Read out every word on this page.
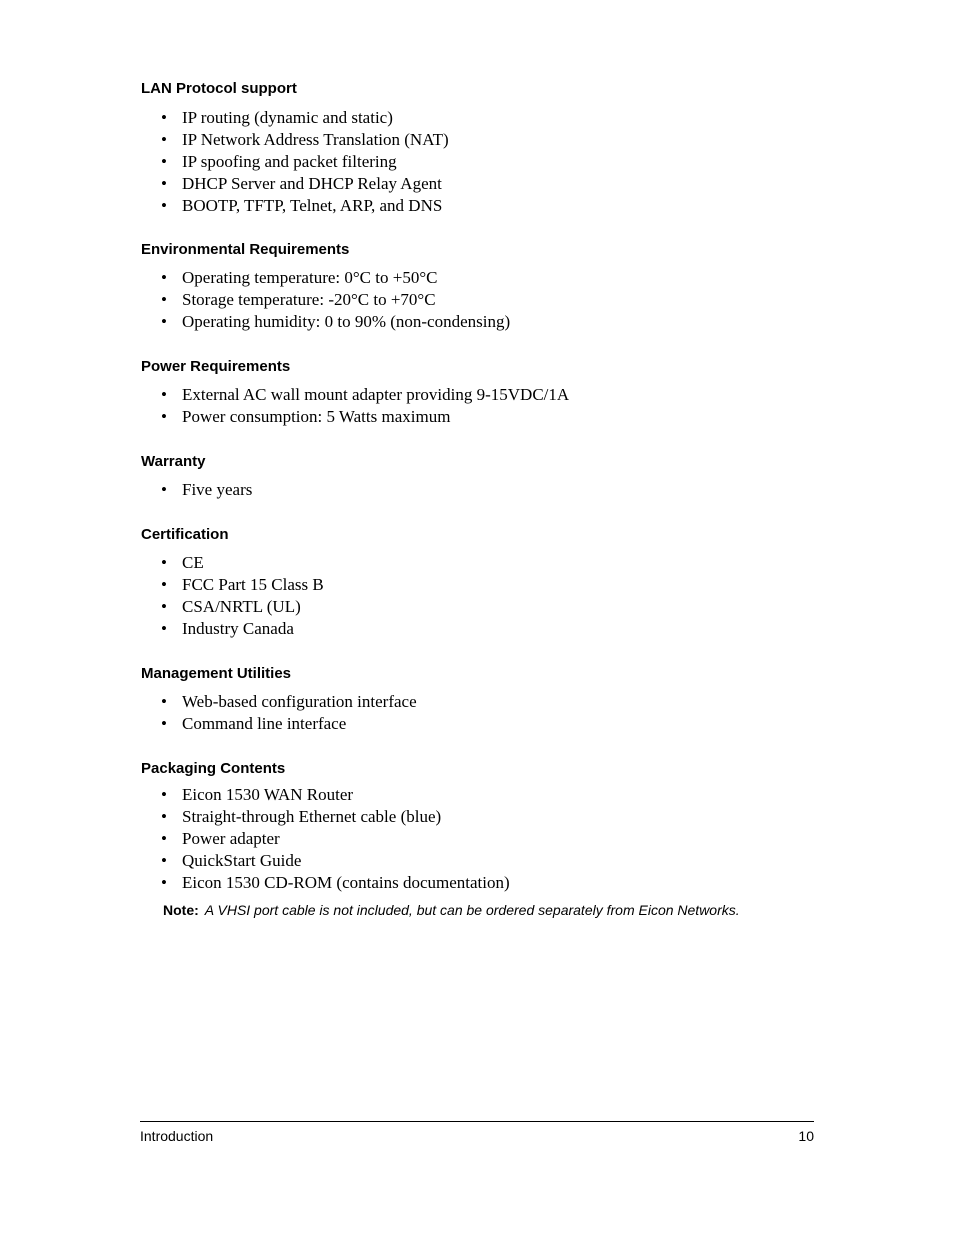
LAN Protocol support
• IP routing (dynamic and static)
• IP Network Address Translation (NAT)
• IP spoofing and packet filtering
• DHCP Server and DHCP Relay Agent
• BOOTP, TFTP, Telnet, ARP, and DNS
Environmental Requirements
• Operating temperature: 0°C to +50°C
• Storage temperature: -20°C to +70°C
• Operating humidity: 0 to 90% (non-condensing)
Power Requirements
• External AC wall mount adapter providing 9-15VDC/1A
• Power consumption: 5 Watts maximum
Warranty
• Five years
Certification
• CE
• FCC Part 15 Class B
• CSA/NRTL (UL)
• Industry Canada
Management Utilities
• Web-based configuration interface
• Command line interface
Packaging Contents
• Eicon 1530 WAN Router
• Straight-through Ethernet cable (blue)
• Power adapter
• QuickStart Guide
• Eicon 1530 CD-ROM (contains documentation)
Note: A VHSI port cable is not included, but can be ordered separately from Eicon Networks.
Introduction	10
